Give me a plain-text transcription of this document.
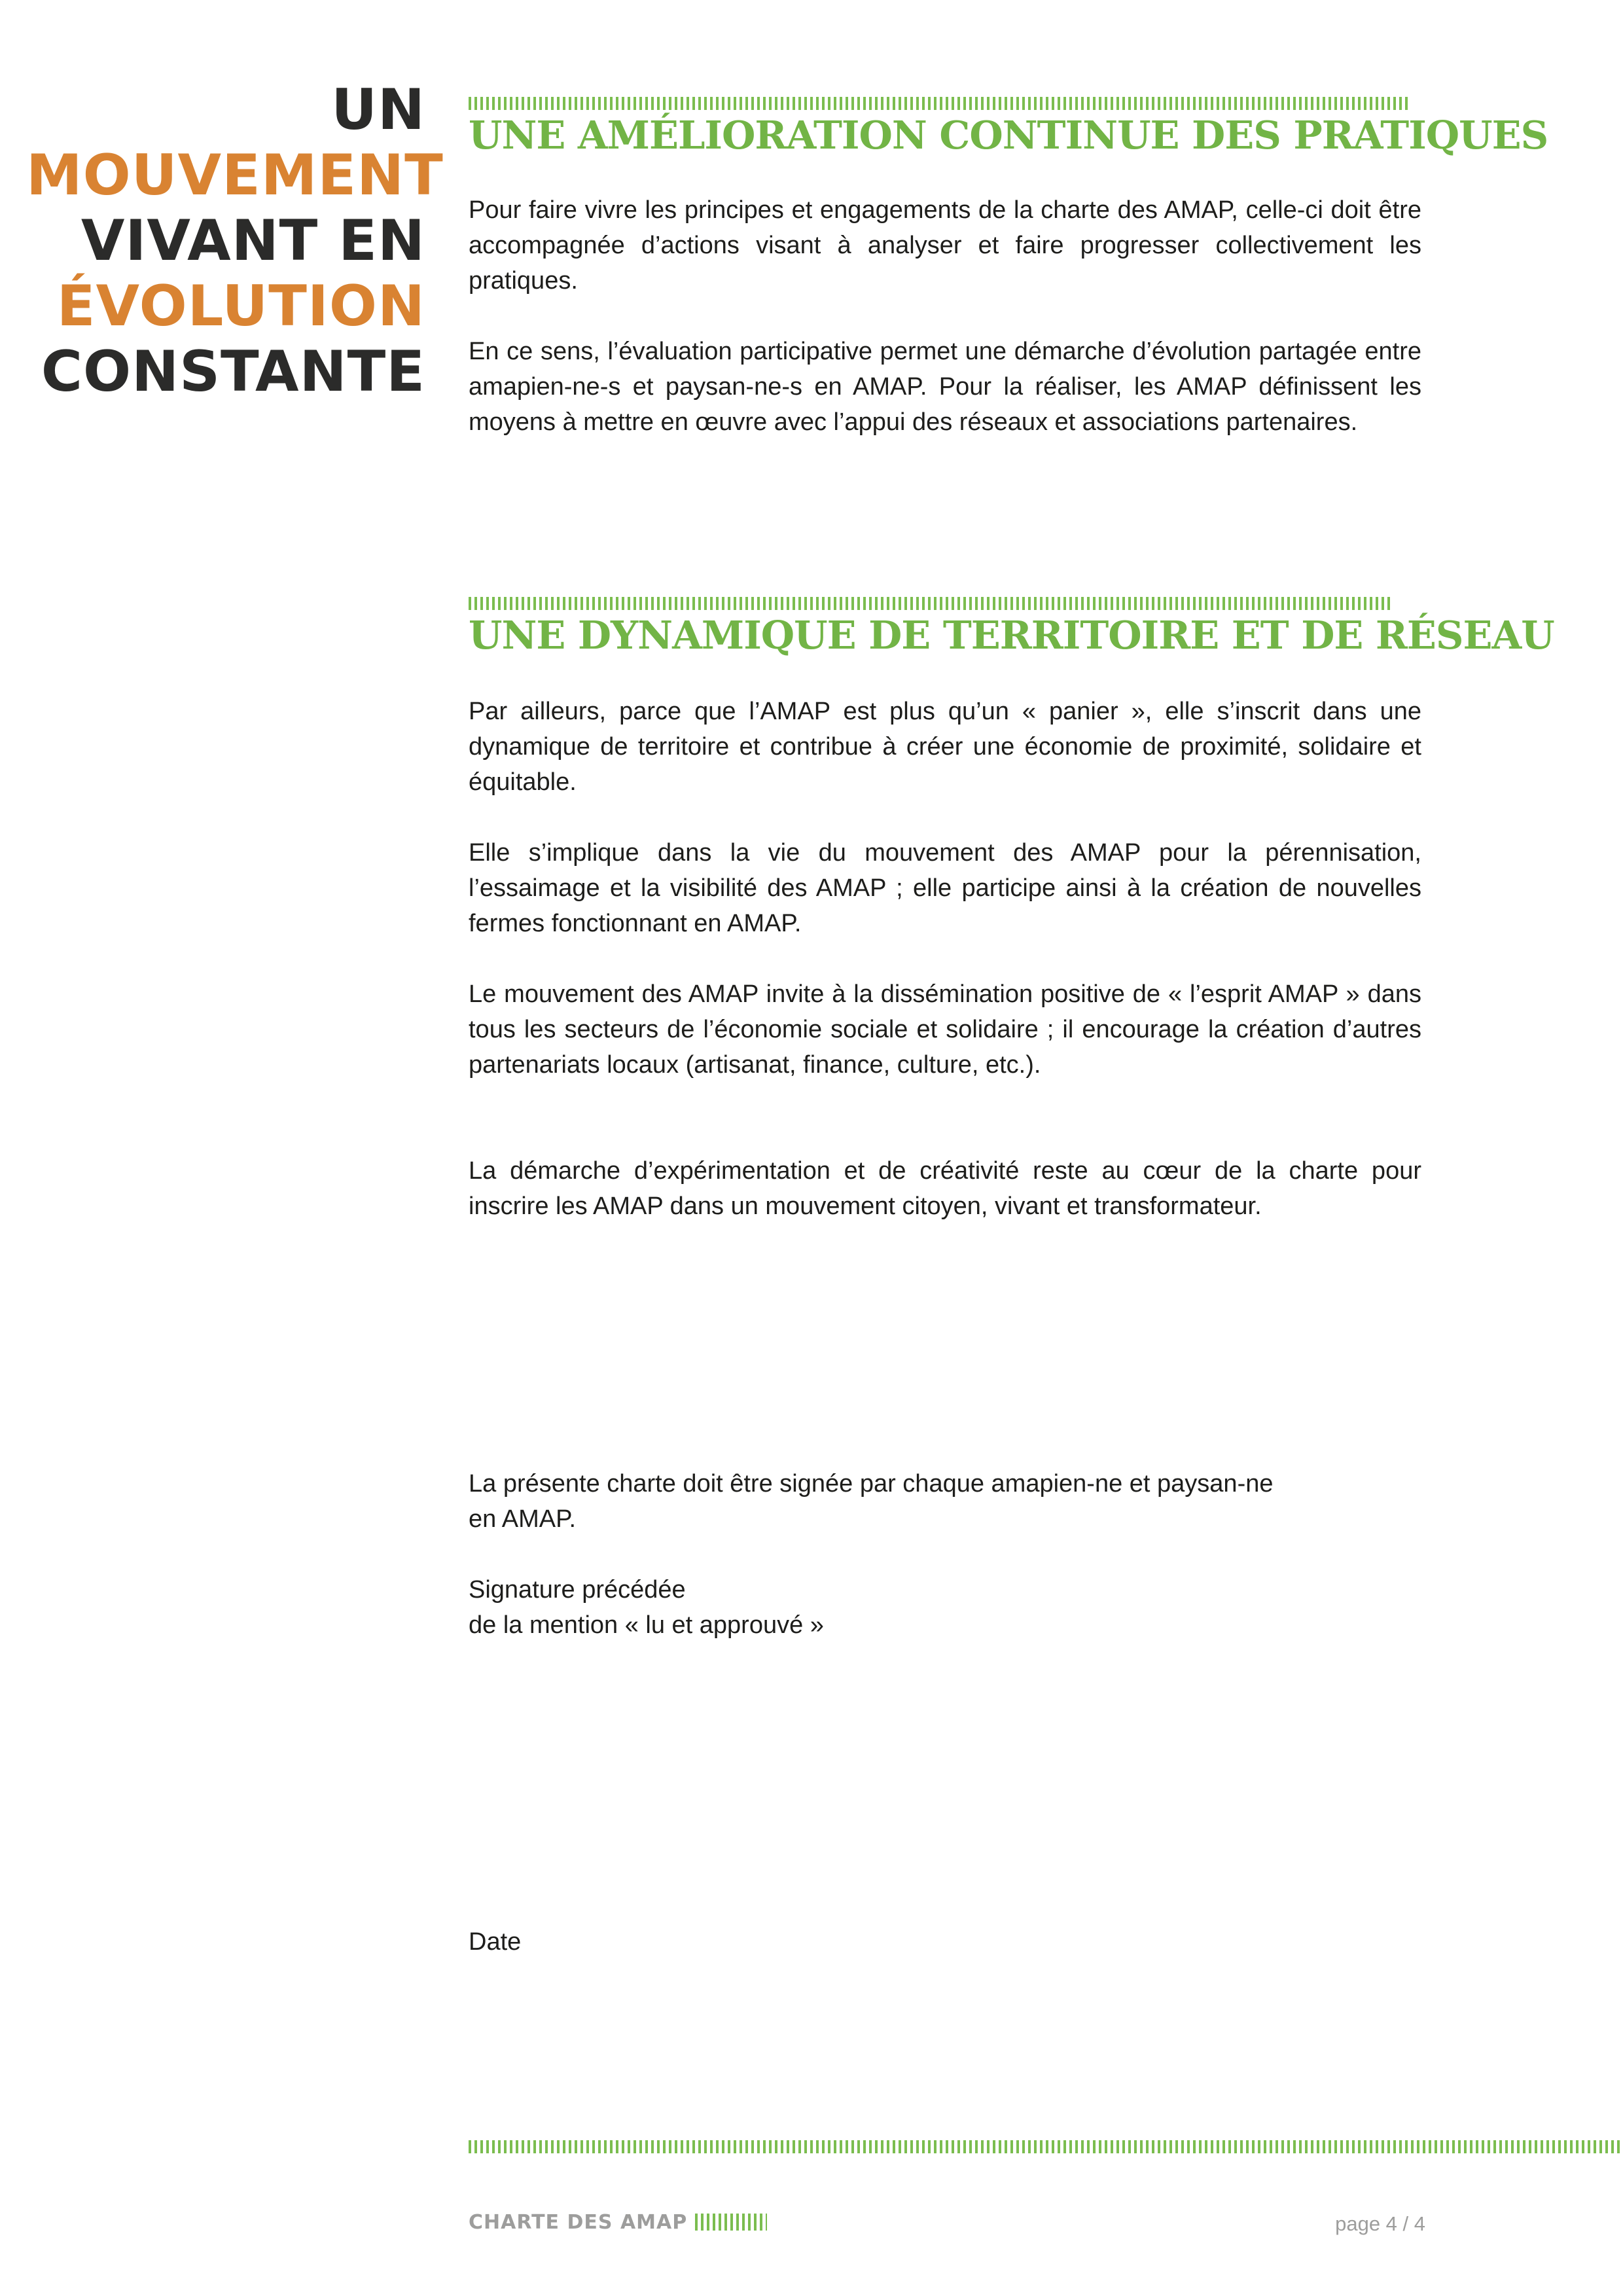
UN
MOUVEMENT
VIVANT EN
ÉVOLUTION
CONSTANTE
UNE AMÉLIORATION CONTINUE DES PRATIQUES
Pour faire vivre les principes et engagements de la charte des AMAP, celle-ci doit être accompagnée d’actions visant à analyser et faire progresser collectivement les pratiques.
En ce sens, l’évaluation participative permet une démarche d’évolution partagée entre amapien-ne-s et paysan-ne-s en AMAP. Pour la réaliser, les AMAP définissent les moyens à mettre en œuvre avec l’appui des réseaux et associations partenaires.
UNE DYNAMIQUE DE TERRITOIRE ET DE RÉSEAU
Par ailleurs, parce que l’AMAP est plus qu’un « panier », elle s’inscrit dans une dynamique de territoire et contribue à créer une économie de proximité, solidaire et équitable.
Elle s’implique dans la vie du mouvement des AMAP pour la pérennisation, l’essaimage et la visibilité des AMAP ; elle participe ainsi à la création de nouvelles fermes fonctionnant en AMAP.
Le mouvement des AMAP invite à la dissémination positive de « l’esprit AMAP » dans tous les secteurs de l’économie sociale et solidaire ; il encourage la création d’autres partenariats locaux (artisanat, finance, culture, etc.).
La démarche d’expérimentation et de créativité reste au cœur de la charte pour inscrire les AMAP dans un mouvement citoyen, vivant et transformateur.
La présente charte doit être signée par chaque amapien-ne et paysan-ne
en AMAP.
Signature précédée
de la mention « lu et approuvé »
Date
CHARTE DES AMAP	page 4 / 4
